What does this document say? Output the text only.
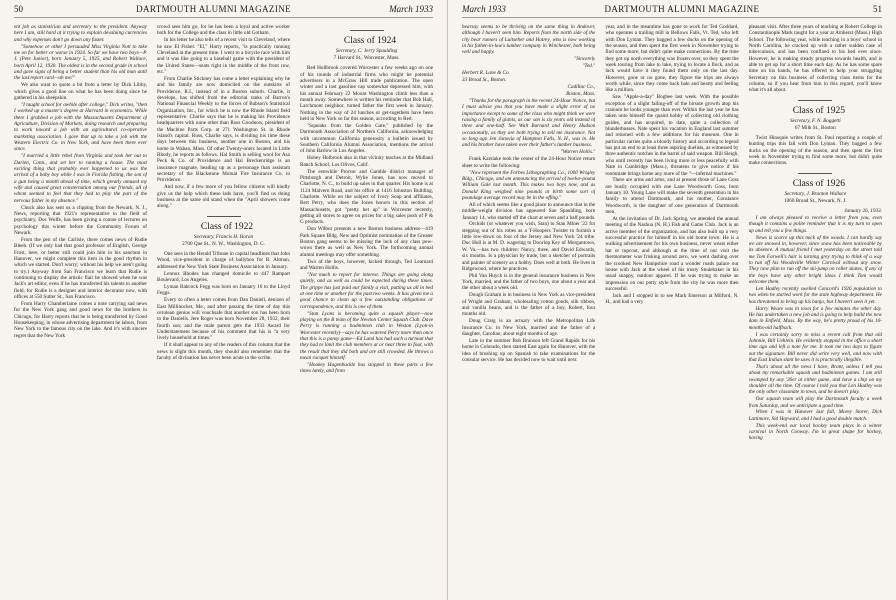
50	DARTMOUTH ALUMNI MAGAZINE	March 1933

ent job as statistician and secretary to the president. Anyway here I am, still hard at it trying to explain devaluing currencies and why expenses don't go down any faster.

"Somehow or other I persuaded Miss Virginia Nott to take me on for better or worse in 1924. So far we have two boys—P. J. (Pete Junior), born January 5, 1925, and Robert Wallace, born April 12, 1930. The oldest is in the second grade in school and gave signs of being a better student than his old man until the last report card—ah me!"

We also want to quote a bit from a letter by Dick Libby, which gives a good line on what he has been doing since he gathered in his sheepskin.

"I taught school for awhile after college," Dick writes, "then I worked up a master's degree at Harvard in economics. While there I grabbed a job with the Massachusetts Department of Agriculture, Division of Markets, doing research and preparing to work toward a job with an agricultural co-operative marketing association. I gave that up to take a job with the Western Electric Co. in New York, and have been there ever since.

"I married a little rebel from Virginia and took her out to Darien, Conn., and set her to running a house. The most exciting thing that probably ever happened to us was the arrival of a baby boy while I was in Florida fishing, the son of a gun being a month ahead of time, which greatly amused my wife and caused great consternation among our friends, all of whom seemed to feel that they had to play the part of the nervous father in my absence."

Chuck also has sent us a clipping from the Newark, N. J., News, reporting that 1921's representative in the field of psychiatry, Doc Wolfe, has been giving a course of lectures on psychology this winter before the Community Forum of Newark.

From the pen of the Carlisle, there comes news of Rudie Bleeh. (If we only had that good professor of English, George Frost, here, or better still could join him in his sanctum in Hanover, we might complete this item in the good rhythm in which we started. Don't worry; without his help we aren't going to try.) Anyway from San Francisco we learn that Rudie is continuing to display the artistic flair he showed when he was Jack's art editor, even if he has transferred his talents to another field, for Rudie is a designer and interior decorator now, with offices at 550 Sutter St., San Francisco.

From Harry Chamberlaine comes a note carrying sad news for the New York gang and good news for the brothers in Chicago, for Harry reports that he is being transferred by Good Housekeeping, in whose advertising department he labors, from New York to the famous city on the lake. And it's with sincere regret that the New York

crowd sees him go, for he has been a loyal and active worker both for the College and the class in little old Gotham.

In his letter he also tells of a recent visit to Cleveland, where he saw El Fisher. "El," Harry reports, "is practically running Cleveland at the present time. I went to a bicycle race with him and it was like going to a baseball game with the president of the United States—seats right in the middle of the front row, etc."

From Charlie Stickney has come a letter explaining why he and his family are now domiciled on the outskirts of Providence, R.I., instead of in a Boston suburb. Charlie, it develops, has shifted from the editorial ranks of Barron's National Financial Weekly to the forces of Babson's Statistical Organization, Inc., for which he is now the Rhode Island field representative. Charlie says that he is making his Providence headquarters with none other than Russ Goodnow, president of the Machine Parts Corp. at 271 Washington St. in Rhode Island's capital. Russ, Charlie says, is dividing his time these days between this business, another one in Boston, and his home in Waban, Mass. Of other Twenty-oners located in Little Rhody, he reports as follows. Hal Smith is selling wool for Asa Peck & Co. of Providence and Hal Breckenridge is an insurance magnate, heading up as a personage than assistant secretary of the Blackstone Mutual Fire Insurance Co. in Providence.

And now, if a few more of you fellow citizens will kindly give us the help which these lads have, you'll find us doing business at the same old stand when the "April showers come along."

Class of 1922

Secretary, Francis H. Horan

2700 Que St., N. W., Washington, D. C.

One sees in the Herald Tribune in capital headlines that John Wood, vice-president in charge of ballyhoo for B. Altman, addressed the New York State Business Association in January.

Lennox Rhodes has changed domicile to 447 Rampart Boulevard, Los Angeles.

Lyman Babcock Fegg was born on January 16 to the Lloyd Feggs.

Every so often a letter comes from Dan Daniell, denizen of East Millinocket, Me., and after passing the time of day this cerulean genius will vouchsafe that another son has been born to the Daniells. Jere Roger was born November 28, 1932, their fourth son; and the male parent gets the 1933 Award for Understatement because of his comment that his is "a very lively household at times."

If it shall appear to any of the readers of this column that the news is slight this month, they should also remember that the faculty of divination has never been acute in the scribe.

Class of 1924

Secretary, C. Jerry Spaulding

7 Harvard St., Worcester, Mass.

Red Hollbrook covered Worcester a few weeks ago on one of his rounds of industrial firms who might be potential advertisers in a McGraw Hill trade publication. The open winter and a lost gasoline cap somewhat depressed him, with his annual February 22 Mount Washington climb less than a month away. Somewhere is written his reminder that Bob Hall, Larchmont neighbor, turned father the first week in January. Nothing in the way of 24 lunches or get-togethers have been held in New York so far this season, according to Red.

"Squeaks from the Golden Gate," published by the Dartmouth Association of Northern California, acknowledging with uncommon California generosity a bulletin issued by Southern California Alumni Association, mentions the arrival of John Barlow in Los Angeles.

Hobey Holbrook also in that vicinity teaches at the Midland Ranch School, Los Olivos, Calif.

The erstwhile Proctor and Gamble district manager of Pittsburgh and Detroit, Wylie Jones, has now moved to Charlotte, N. C., to build up sales in that quarter. His home is at 1124 Malvern Road, and his office at 1416 Johnston Building, Charlotte. While on the subject of Ivory Soap and affiliates, Bert Perry, who does the Jones honors in this section of Massachusetts, got "pretty het up" in Worcester recently, getting all stores to agree on prices for a big sales push of P & G products.

Don Wilbur presents a new Boston business address—419 Park Square Bldg. New and Optimist nomination of the Greater Boston gang seems to be missing the luck of any class pow-wows there as well as New York. The forthcoming annual alumni meetings may offer something.

Two of the boys, however, kicked through, Ted Learnard and Warren Hollis.

"Not much to report for interest. Things are going along quietly, and as well as could be expected during these times. The grippe has just paid our family a visit, putting us all in bed at one time or another for the past two weeks. It has given me a good chance to clean up a few outstanding obligations or correspondence, and this is one of them.

"Stan Lyons is becoming quite a squash player—now playing on the B team of the Newton Center Squash Club. Dave Perry is running a badminton club in Weston (Lyon-in Worcester recently)—says he has watered Perry more than once that this is a pansy game—Ed Lund has had such a turnout that they had to limit the club members at or near three to four, with the result that they did both and are still crowded. He throws a mean racquet himself.

"Hookey Hagenbuckle has stopped in these parts a few times lately, and from

March 1933	DARTMOUTH ALUMNI MAGAZINE	51

hearsay seems to be thriving on the same thing in Andover, although I haven't seen him. Reports from the north side of the city bear rumors of Luitseher and Hatrey, who is now working in his father-in-law's lumber company in Winchester, both being well and happy.

"Sincerely

"Ted."

Herbert R. Lane & Co.

33 Broad St., Boston.

Cadillac Co.,

Boston, Mass.

"Thanks for the paragraph in the recent 24-Hour Notice, but I must advise you that you have made a slight error of no importance except to some of the class who might think we were raising a family of giants, as our son is six years old instead of three and one-half. See Walt Barnard and Henry Hudson occasionally, as they are both trying to sell me insurance. Not so long ago Jen Janovia of Hampton Falls, N. H., was in. He and his brother have taken over their father's lumber business.

"Warren Hollis."

Frank Karslake took the center of the 24-Hour Notice return sheet to write the following:

"Now represent the Forbes Lithographing Co., 1000 Wrigley Bldg., Chicago, and am announcing the arrival of twelve-pound William Gale last month. This makes two boys now, and as Donald King weighed nine pounds at birth some sort of poundage average record may be in the offing."

All of which seems like a good place to announce that in the middle-weight division has appeared Sue Spaulding, born January 14, who started off the chart at seven and a half pounds.

Orchids (or whatever you wish, Stan) to Stan Miner '22 for stepping out of his robes as a T-Hoopers Twister to furnish a little low-down on four of the Jersey and New York '24 tribe. Doc Hull is at M. D. wagering to Doorlop Key of Morgantown, W. Va.—has two children: Nancy, three, and David Edwards, six months. Is a physician by trade, but a sketcher of portraits and painter of scenery as a hobby. Does well at both. He lives in Ridgewood, where he practices.

Phil Van Huyck is in the general insurance business in New York, married, and the father of two boys, one about a year and the other about a week old.

Dough Graham is in business in New York as vice-president of Wright and Graham, wholesaling cotton goods, silk ribbon, and vanilla beans, and is the father of a boy, Robert, four months old.

Doug Craig is an actuary with the Metropolitan Life Insurance Co. in New York, married and the father of a daughter, Caroline, about eight months of age.

Late in the summer Bob Branson left Grand Rapids for his home in Colorado, then started East again for Hanover, with the idea of brushing up on Spanish to take examinations for the consular service. He has decided now to wait until next

year, and in the meantime has gone to work for Ted Goddard, who operates a trailing mill in Bellows Falls, Vt. Ted, who left with Don Lyman. They bagged a few ducks on the opening of the season, and then spent the first week in November trying to find some more, but didn't quite make connections. By the time they got up north everything was frozen over, so they spent the week touring from lake to lake, trying to locate a flock, and as luck would have it they found them only on the last day. However, gone or no gone, they figure the trips are always worth while, since they come back hale and hearty and feeling like a million.

Saw "Apple-a-day" Bogbee last week. With the possible exception of a slight falling-off of the hirsute growth atop his cranium he looks younger than ever. Within the last year he has taken unto himself the quaint hobby of collecting old clothing guides, and has acquired, to date, quite a collection of blunderbusses. Nate spent his vacation in England last summer and returned with a few additions for his museum. One in particular carries quite a bloody history and according to legend has put an end to at least three aspiring duelists, as witnessed by three authentic notches in the barrel of said weapon. Bill Sleigh, who until recently has been living more or less peacefully with Nate in Cambridge (Mass.), threatens to give notice if his roommate brings home any more of the "—infernal machines."

There are arms and arms, and at present those of Lane Goss are busily occupied with one Lane Woodworth Goss, born January 10. Young Lane will make the seventh generation in his family to attend Dartmouth, and his mother, Constance Woodworth, is the daughter of one generation of Dartmouth men.

At the invitation of Dr. Jack Spring, we attended the annual meeting of the Nashua (N. H.) Fish and Game Club. Jack is an active member of the organization, and has also built up a very successful practice for himself in his old home town. He is a walking advertisement for his own business, never wears either hat or topcoat, and although at the time of our visit the thermometer was frisking around zero, we went dashing over the crooked New Hampshire road a wonder roads palace our house with Jack at the wheel of his trusty Studebaker in his usual snappy, outdoor apparel. If he was trying to make an impression on our potty style from the city he was more then successful.

Jack and I stopped in to see Mark Emerson at Milford, N. H., and had a very

pleasant visit. After three years of teaching at Robert College in Constantinople Mark taught for a year at Amherst (Mass.) High School. The following year, while teaching in a boys' school in North Carolina, he cracked up with a rather sudden case of tuberculosis, and has been confined to his bed ever since. However, he is making steady progress towards health, and is able to get up for a short time each day. As he has some spare time on his hands, he has offered to help your struggling Secretary on this business of collecting class items for the column, so if you hear from him in this regard, you'll know what it's all about.

Class of 1925

Secretary, F. N. Boggetti

67 Milk St., Boston

Twist Hinsquie writes from St. Paul reporting a couple of hunting trips this fall with Don Lyman. They bagged a few ducks on the opening of the season, and then spent the first week in November trying to find some more, but didn't quite make connections.

Class of 1926

Secretary, J. Branton Wallace

1060 Broad St., Newark, N. J.

January 26, 1933.

I am always pleased to receive a letter from you, even though it contains a polite reminder that it is my turn to open up and tell you a few things.

News is scarce up this neck of the woods. I can hardly say we are snowed in, however, since snow has been noticeable by its absence. A mutual friend I met yesterday on the street told me Tom Farwell's hair is turning grey trying to think of a way to run off his Woodsville Winter Carnival without any snow. They now plan to run off the ski-jump on roller skates, if any of the boys have any other bright ideas I think Tom would welcome them.

Len Hadley recently swelled Concord's 1926 population to two when he started work for the state highway department. He has threatened to bring up his banjo, but I haven't seen it yet.

Harry Weare was in town for a few minutes the other day. He has undertaken a new job and is going to help build the new dam in Enfield, Mass. By the way, he's pretty proud of his 10-months-old halfback.

I was certainly sorry to miss a recent call from that old Johnnie, Bill Uehlein. He evidently stopped in the office a short time ago and left a note for me. It took me two days to figure out the signature. Bill never did write very well, and now with that East Indian slant he uses it is practically illegible.

That's about all the news I have, Brant, unless I tell you about my remarkable squash and badminton games. I am still swamped by any '26er at either game, and have a chip on my shoulder all the time. Of course I told you that Len Hadley was the only other classmate in town, and he doesn't play.

Our squash team will play the Dartmouth faculty a week from Saturday, and we anticipate a good time.

When I was in Hanover last fall, Morey Storer, Dick Lattimore, Sid Hayward, and I had a good double match.

This week-end our local hockey team plays in a winter carnival in North Conway. I'm in great shape for hockey, having
